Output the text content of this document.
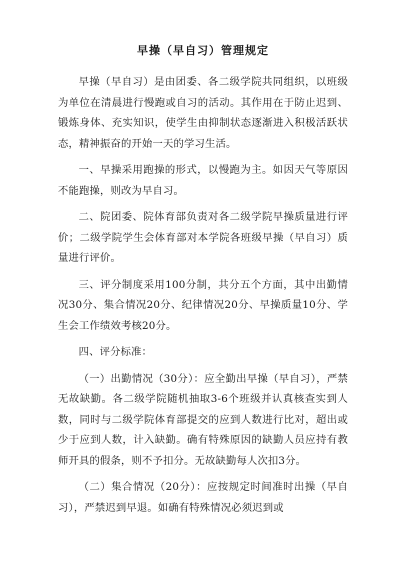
早操（早自习）管理规定

早操（早自习）是由团委、各二级学院共同组织，以班级为单位在清晨进行慢跑或自习的活动。其作用在于防止迟到、锻炼身体、充实知识，使学生由抑制状态逐渐进入积极活跃状态，精神振奋的开始一天的学习生活。

一、早操采用跑操的形式，以慢跑为主。如因天气等原因不能跑操，则改为早自习。

二、院团委、院体育部负责对各二级学院早操质量进行评价；二级学院学生会体育部对本学院各班级早操（早自习）质量进行评价。

三、评分制度采用100分制，共分五个方面，其中出勤情况30分、集合情况20分、纪律情况20分、早操质量10分、学生会工作绩效考核20分。

四、评分标准：

（一）出勤情况（30分）：应全勤出早操（早自习），严禁无故缺勤。各二级学院随机抽取3-6个班级并认真核查实到人数，同时与二级学院体育部提交的应到人数进行比对，超出或少于应到人数，计入缺勤。确有特殊原因的缺勤人员应持有教师开具的假条，则不予扣分。无故缺勤每人次扣3分。

（二）集合情况（20分）：应按规定时间准时出操（早自习），严禁迟到早退。如确有特殊情况必须迟到或
